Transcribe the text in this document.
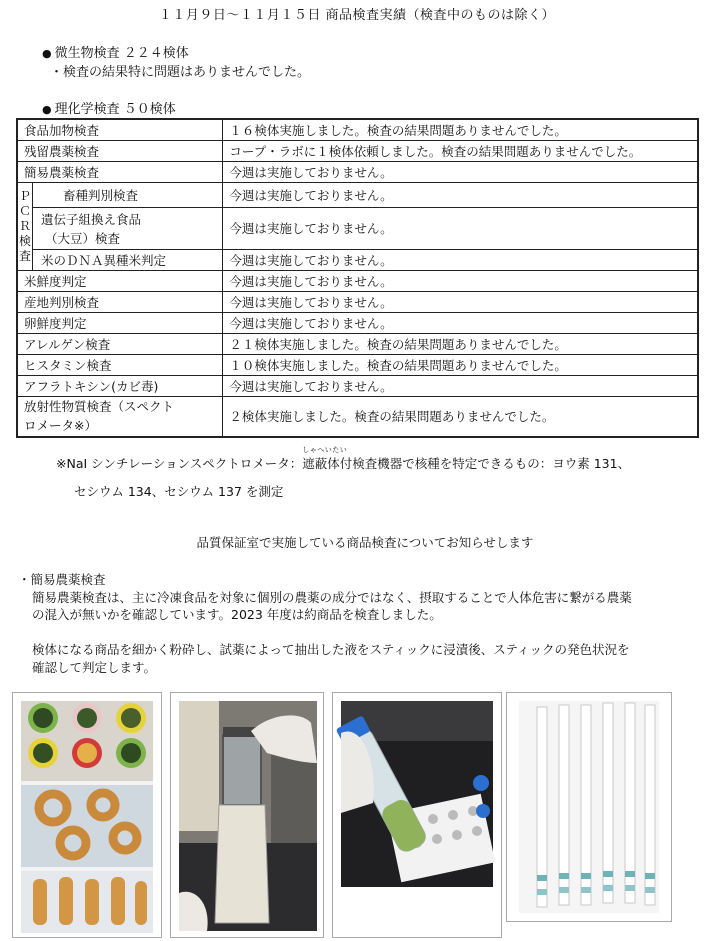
１１月９日～１１月１５日 商品検査実績（検査中のものは除く）
● 微生物検査 ２２４検体
・検査の結果特に問題はありませんでした。
● 理化学検査 ５０検体
食品加物検査		１６検体実施しました。検査の結果問題ありませんでした。
残留農薬検査		コープ・ラボに１検体依頼しました。検査の結果問題ありませんでした。
簡易農薬検査		今週は実施しておりません。
ＰＣＲ検査	畜種判別検査	今週は実施しておりません。

	遺伝子組換え食品
（大豆）検査	今週は実施しておりません。
	米のＤＮＡ異種米判定	今週は実施しておりません。
米鮮度判定		今週は実施しておりません。
産地判別検査		今週は実施しておりません。
卵鮮度判定		今週は実施しておりません。
アレルゲン検査		２１検体実施しました。検査の結果問題ありませんでした。
ヒスタミン検査		１０検体実施しました。検査の結果問題ありませんでした。
アフラトキシン(カビ毒)		今週は実施しておりません。

放射性物質検査（スペクト
ロメータ※）		２検体実施しました。検査の結果問題ありませんでした。
※NaI シンチレーションスペクトロメータ：
しゃへいたい
遮蔽体付検査機器で核種を特定できるもの：ヨウ素 131、
セシウム 134、セシウム 137 を測定
品質保証室で実施している商品検査についてお知らせします
・簡易農薬検査
簡易農薬検査は、主に冷凍食品を対象に個別の農薬の成分ではなく、摂取することで人体危害に繋がる農薬
の混入が無いかを確認しています。2023 年度は約商品を検査しました。
検体になる商品を細かく粉砕し、試薬によって抽出した液をスティックに浸漬後、スティックの発色状況を
確認して判定します。
